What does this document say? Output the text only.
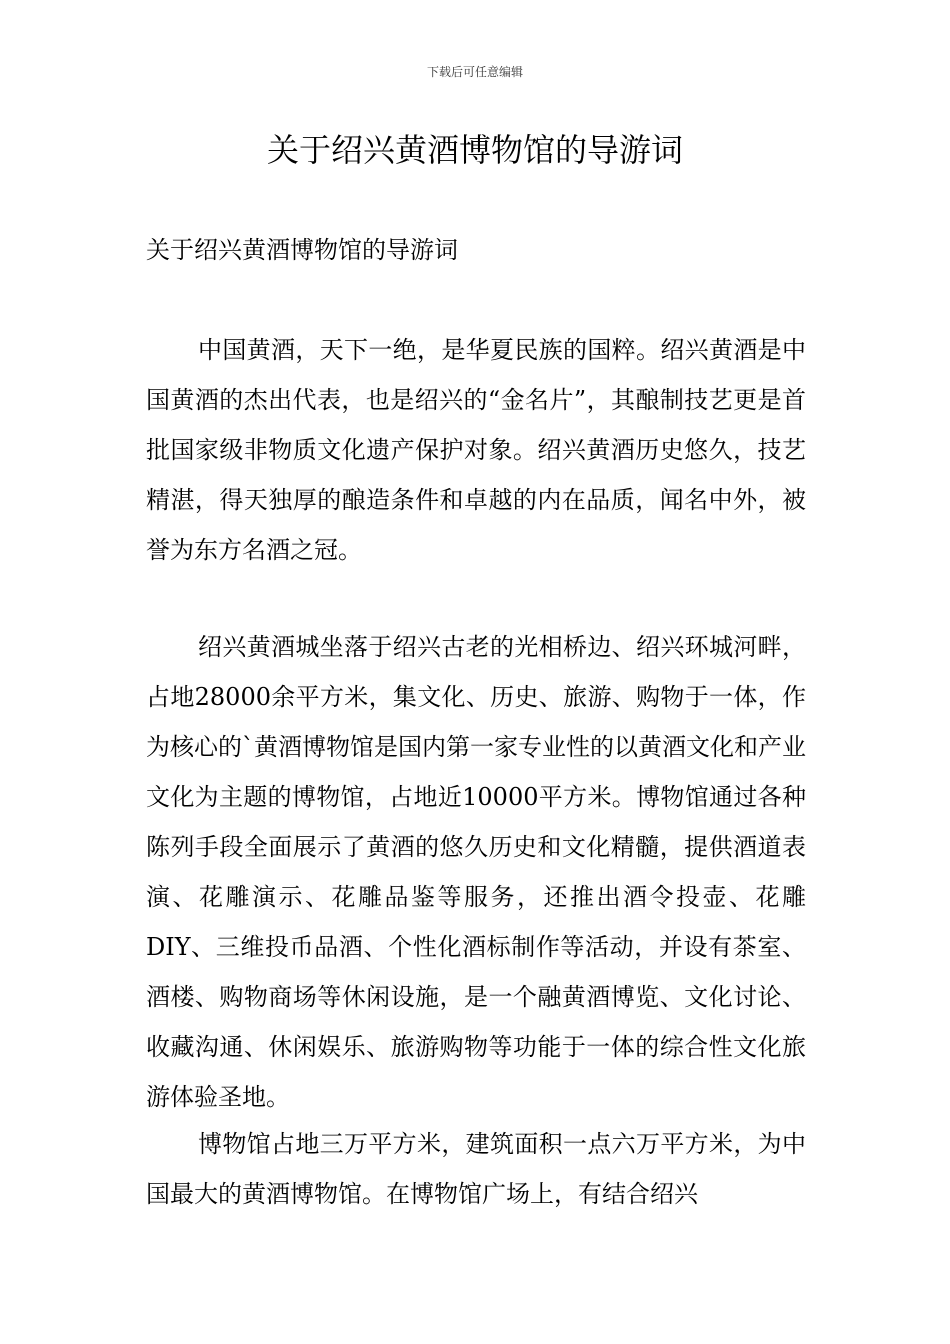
下载后可任意编辑
关于绍兴黄酒博物馆的导游词

关于绍兴黄酒博物馆的导游词

中国黄酒，天下一绝，是华夏民族的国粹。绍兴黄酒是中国黄酒的杰出代表，也是绍兴的“金名片”，其酿制技艺更是首批国家级非物质文化遗产保护对象。绍兴黄酒历史悠久，技艺精湛，得天独厚的酿造条件和卓越的内在品质，闻名中外，被誉为东方名酒之冠。

绍兴黄酒城坐落于绍兴古老的光相桥边、绍兴环城河畔，占地28000余平方米，集文化、历史、旅游、购物于一体，作为核心的`黄酒博物馆是国内第一家专业性的以黄酒文化和产业文化为主题的博物馆，占地近10000平方米。博物馆通过各种陈列手段全面展示了黄酒的悠久历史和文化精髓，提供酒道表演、花雕演示、花雕品鉴等服务，还推出酒令投壶、花雕DIY、三维投币品酒、个性化酒标制作等活动，并设有茶室、酒楼、购物商场等休闲设施，是一个融黄酒博览、文化讨论、收藏沟通、休闲娱乐、旅游购物等功能于一体的综合性文化旅游体验圣地。

博物馆占地三万平方米，建筑面积一点六万平方米，为中国最大的黄酒博物馆。在博物馆广场上，有结合绍兴
